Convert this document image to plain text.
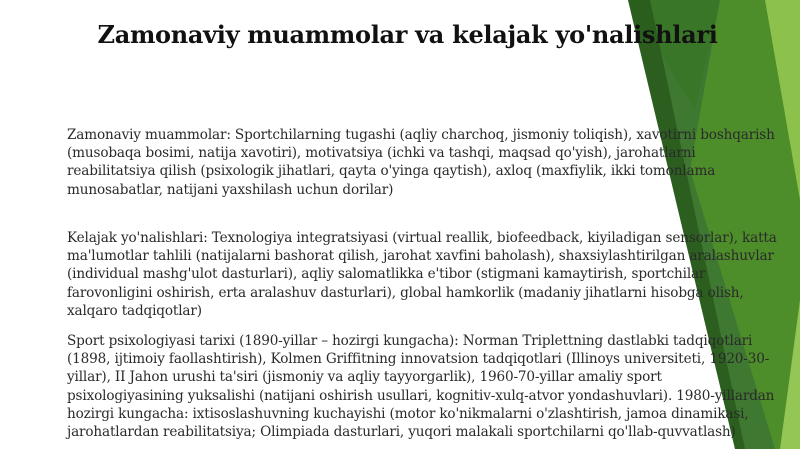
Zamonaviy muammolar va kelajak yo'nalishlari
Zamonaviy muammolar: Sportchilarning tugashi (aqliy charchoq, jismoniy toliqish), xavotirni boshqarish (musobaqa bosimi, natija xavotiri), motivatsiya (ichki va tashqi, maqsad qo'yish), jarohatlarni reabilitatsiya qilish (psixologik jihatlari, qayta o'yinga qaytish), axloq (maxfiylik, ikki tomonlama munosabatlar, natijani yaxshilash uchun dorilar)
Kelajak yo'nalishlari: Texnologiya integratsiyasi (virtual reallik, biofeedback, kiyiladigan sensorlar), katta ma'lumotlar tahlili (natijalarni bashorat qilish, jarohat xavfini baholash), shaxsiylashtirilgan aralashuvlar (individual mashg'ulot dasturlari), aqliy salomatlikka e'tibor (stigmani kamaytirish, sportchilar farovonligini oshirish, erta aralashuv dasturlari), global hamkorlik (madaniy jihatlarni hisobga olish, xalqaro tadqiqotlar)
Sport psixologiyasi tarixi (1890-yillar – hozirgi kungacha): Norman Triplettning dastlabki tadqiqotlari (1898, ijtimoiy faollashtirish), Kolmen Griffitning innovatsion tadqiqotlari (Illinoys universiteti, 1920-30-yillar), II Jahon urushi ta'siri (jismoniy va aqliy tayyorgarlik), 1960-70-yillar amaliy sport psixologiyasining yuksalishi (natijani oshirish usullari, kognitiv-xulq-atvor yondashuvlari). 1980-yillardan hozirgi kungacha: ixtisoslashuvning kuchayishi (motor ko'nikmalarni o'zlashtirish, jamoa dinamikasi, jarohatlardan reabilitatsiya; Olimpiada dasturlari, yuqori malakali sportchilarni qo'llab-quvvatlash)
